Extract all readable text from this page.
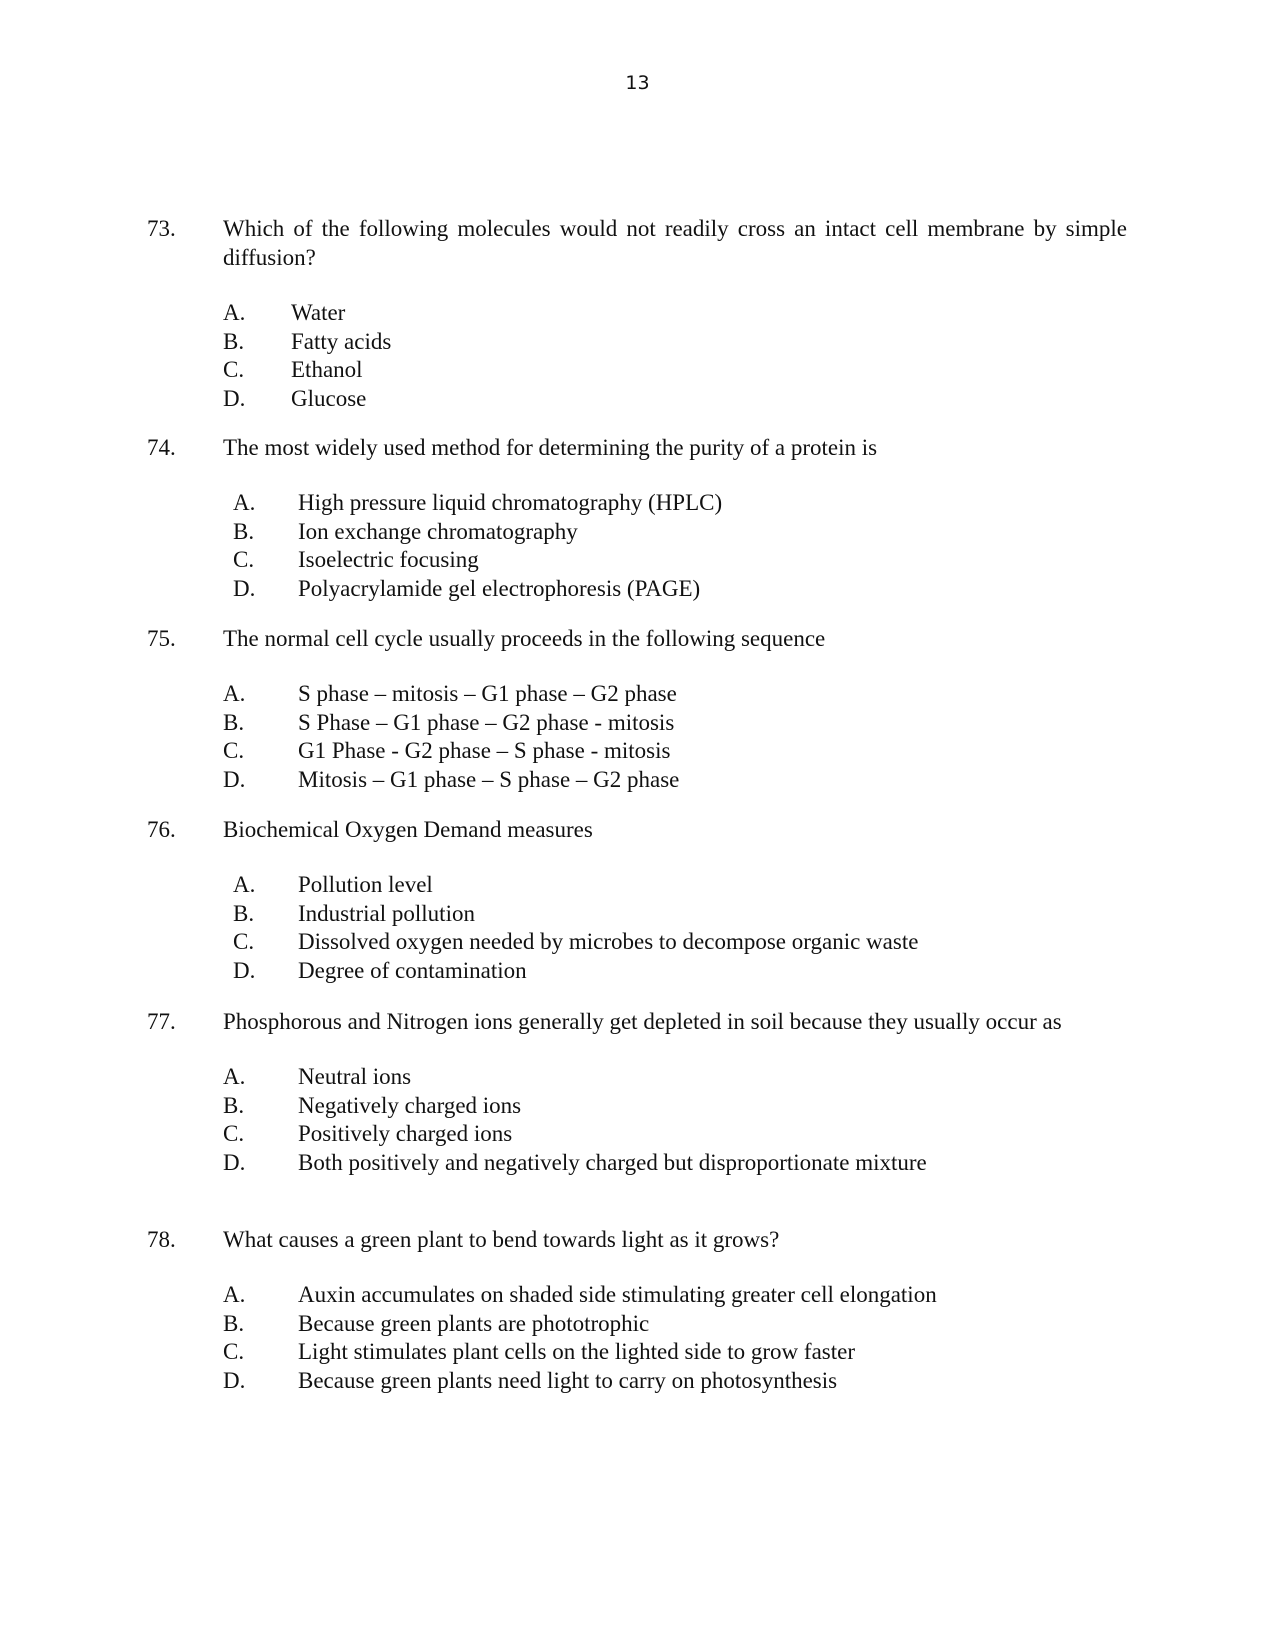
13
73. Which of the following molecules would not readily cross an intact cell membrane by simple diffusion?
A.	Water
B.	Fatty acids
C.	Ethanol
D.	Glucose
74. The most widely used method for determining the purity of a protein is
A.	High pressure liquid chromatography (HPLC)
B.	Ion exchange chromatography
C.	Isoelectric focusing
D.	Polyacrylamide gel electrophoresis (PAGE)
75. The normal cell cycle usually proceeds in the following sequence
A.	S phase – mitosis – G1 phase – G2 phase
B.	S Phase – G1 phase – G2 phase - mitosis
C.	G1 Phase - G2 phase – S phase - mitosis
D.	Mitosis – G1 phase – S phase – G2 phase
76. Biochemical Oxygen Demand measures
A.	Pollution level
B.	Industrial pollution
C.	Dissolved oxygen needed by microbes to decompose organic waste
D.	Degree of contamination
77. Phosphorous and Nitrogen ions generally get depleted in soil because they usually occur as
A.	Neutral ions
B.	Negatively charged ions
C.	Positively charged ions
D.	Both positively and negatively charged but disproportionate mixture
78. What causes a green plant to bend towards light as it grows?
A.	Auxin accumulates on shaded side stimulating greater cell elongation
B.	Because green plants are phototrophic
C.	Light stimulates plant cells on the lighted side to grow faster
D.	Because green plants need light to carry on photosynthesis
